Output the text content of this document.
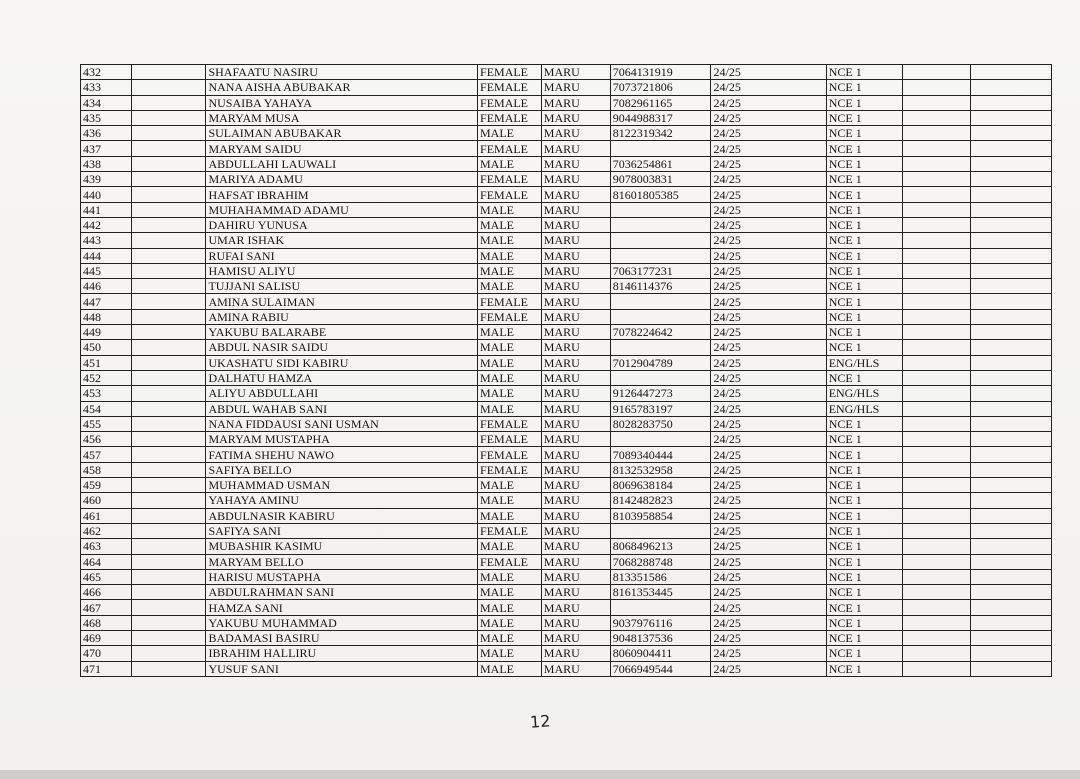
432		SHAFAATU NASIRU	FEMALE	MARU	7064131919	24/25	NCE 1		
433		NANA AISHA ABUBAKAR	FEMALE	MARU	7073721806	24/25	NCE 1		
434		NUSAIBA YAHAYA	FEMALE	MARU	7082961165	24/25	NCE 1		
435		MARYAM MUSA	FEMALE	MARU	9044988317	24/25	NCE 1		
436		SULAIMAN ABUBAKAR	MALE	MARU	8122319342	24/25	NCE 1		
437		MARYAM SAIDU	FEMALE	MARU		24/25	NCE 1		
438		ABDULLAHI LAUWALI	MALE	MARU	7036254861	24/25	NCE 1		
439		MARIYA ADAMU	FEMALE	MARU	9078003831	24/25	NCE 1		
440		HAFSAT IBRAHIM	FEMALE	MARU	81601805385	24/25	NCE 1		
441		MUHAHAMMAD ADAMU	MALE	MARU		24/25	NCE 1		
442		DAHIRU YUNUSA	MALE	MARU		24/25	NCE 1		
443		UMAR ISHAK	MALE	MARU		24/25	NCE 1		
444		RUFAI SANI	MALE	MARU		24/25	NCE 1		
445		HAMISU ALIYU	MALE	MARU	7063177231	24/25	NCE 1		
446		TUJJANI SALISU	MALE	MARU	8146114376	24/25	NCE 1		
447		AMINA SULAIMAN	FEMALE	MARU		24/25	NCE 1		
448		AMINA RABIU	FEMALE	MARU		24/25	NCE 1		
449		YAKUBU BALARABE	MALE	MARU	7078224642	24/25	NCE 1		
450		ABDUL NASIR SAIDU	MALE	MARU		24/25	NCE 1		
451		UKASHATU SIDI KABIRU	MALE	MARU	7012904789	24/25	ENG/HLS		
452		DALHATU HAMZA	MALE	MARU		24/25	NCE 1		
453		ALIYU ABDULLAHI	MALE	MARU	9126447273	24/25	ENG/HLS		
454		ABDUL WAHAB SANI	MALE	MARU	9165783197	24/25	ENG/HLS		
455		NANA FIDDAUSI SANI USMAN	FEMALE	MARU	8028283750	24/25	NCE 1		
456		MARYAM MUSTAPHA	FEMALE	MARU		24/25	NCE 1		
457		FATIMA SHEHU NAWO	FEMALE	MARU	7089340444	24/25	NCE 1		
458		SAFIYA BELLO	FEMALE	MARU	8132532958	24/25	NCE 1		
459		MUHAMMAD USMAN	MALE	MARU	8069638184	24/25	NCE 1		
460		YAHAYA AMINU	MALE	MARU	8142482823	24/25	NCE 1		
461		ABDULNASIR KABIRU	MALE	MARU	8103958854	24/25	NCE 1		
462		SAFIYA SANI	FEMALE	MARU		24/25	NCE 1		
463		MUBASHIR KASIMU	MALE	MARU	8068496213	24/25	NCE 1		
464		MARYAM BELLO	FEMALE	MARU	7068288748	24/25	NCE 1		
465		HARISU MUSTAPHA	MALE	MARU	813351586	24/25	NCE 1		
466		ABDULRAHMAN SANI	MALE	MARU	8161353445	24/25	NCE 1		
467		HAMZA SANI	MALE	MARU		24/25	NCE 1		
468		YAKUBU MUHAMMAD	MALE	MARU	9037976116	24/25	NCE 1		
469		BADAMASI BASIRU	MALE	MARU	9048137536	24/25	NCE 1		
470		IBRAHIM HALLIRU	MALE	MARU	8060904411	24/25	NCE 1		
471		YUSUF SANI	MALE	MARU	7066949544	24/25	NCE 1		
12
